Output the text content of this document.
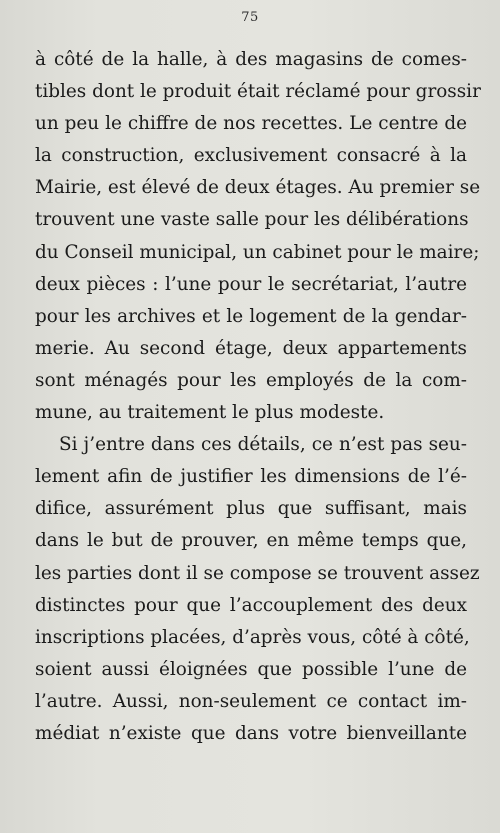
75
à côté de la halle, à des magasins de comes-
tibles dont le produit était réclamé pour grossir
un peu le chiffre de nos recettes. Le centre de
la construction, exclusivement consacré à la
Mairie, est élevé de deux étages. Au premier se
trouvent une vaste salle pour les délibérations
du Conseil municipal, un cabinet pour le maire;
deux pièces : l’une pour le secrétariat, l’autre
pour les archives et le logement de la gendar-
merie. Au second étage, deux appartements
sont ménagés pour les employés de la com-
mune, au traitement le plus modeste.
Si j’entre dans ces détails, ce n’est pas seu-
lement afin de justifier les dimensions de l’é-
difice, assurément plus que suffisant, mais
dans le but de prouver, en même temps que,
les parties dont il se compose se trouvent assez
distinctes pour que l’accouplement des deux
inscriptions placées, d’après vous, côté à côté,
soient aussi éloignées que possible l’une de
l’autre. Aussi, non-seulement ce contact im-
médiat n’existe que dans votre bienveillante
